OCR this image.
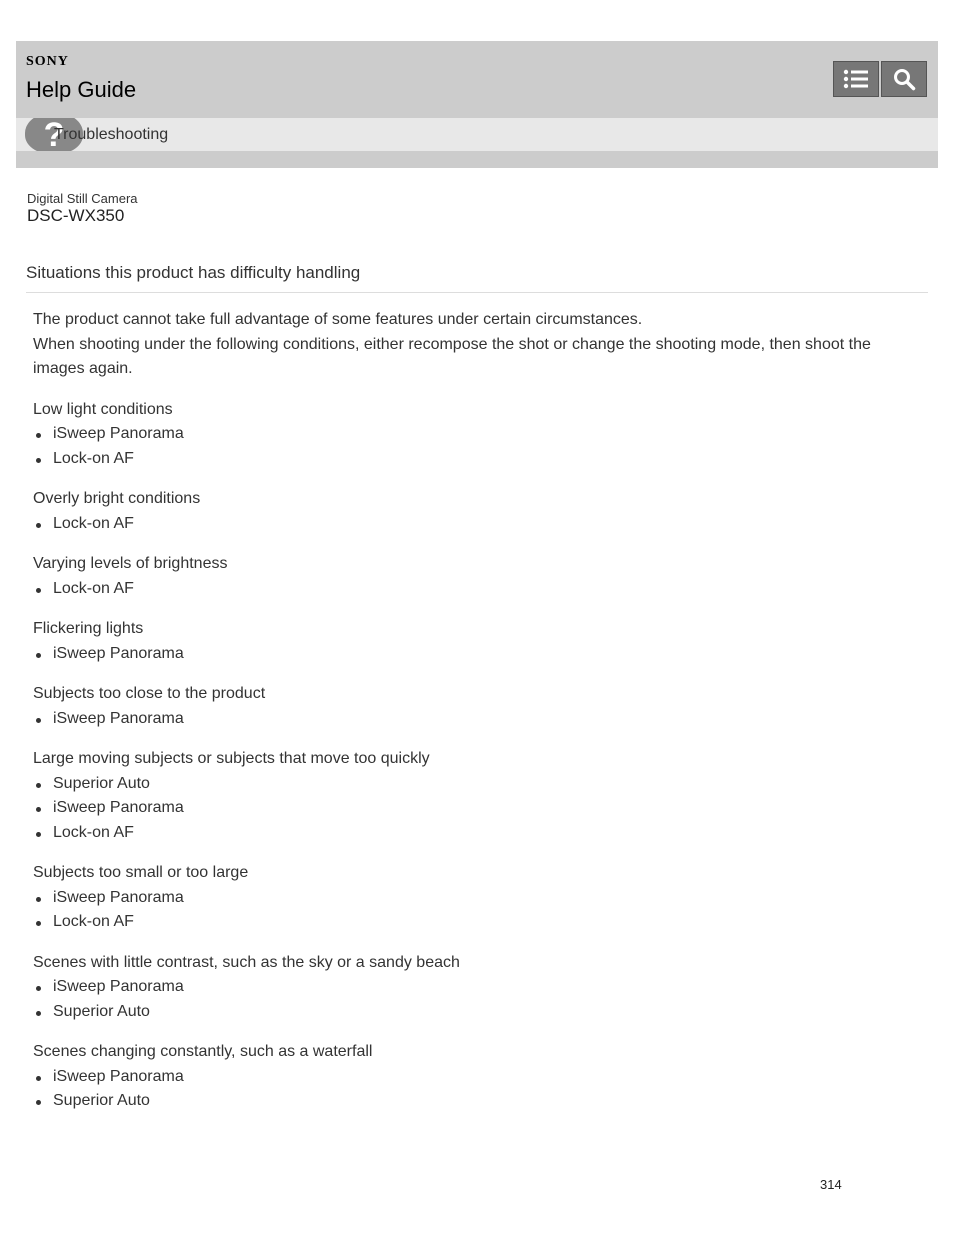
SONY
Help Guide
?
Troubleshooting
Digital Still Camera
DSC-WX350
Situations this product has difficulty handling

The product cannot take full advantage of some features under certain circumstances.

When shooting under the following conditions, either recompose the shot or change the shooting mode, then shoot the images again.

Low light conditions

iSweep Panorama
Lock-on AF

Overly bright conditions

Lock-on AF

Varying levels of brightness

Lock-on AF

Flickering lights

iSweep Panorama

Subjects too close to the product

iSweep Panorama

Large moving subjects or subjects that move too quickly

Superior Auto
iSweep Panorama
Lock-on AF

Subjects too small or too large

iSweep Panorama
Lock-on AF

Scenes with little contrast, such as the sky or a sandy beach

iSweep Panorama
Superior Auto

Scenes changing constantly, such as a waterfall

iSweep Panorama
Superior Auto
314
